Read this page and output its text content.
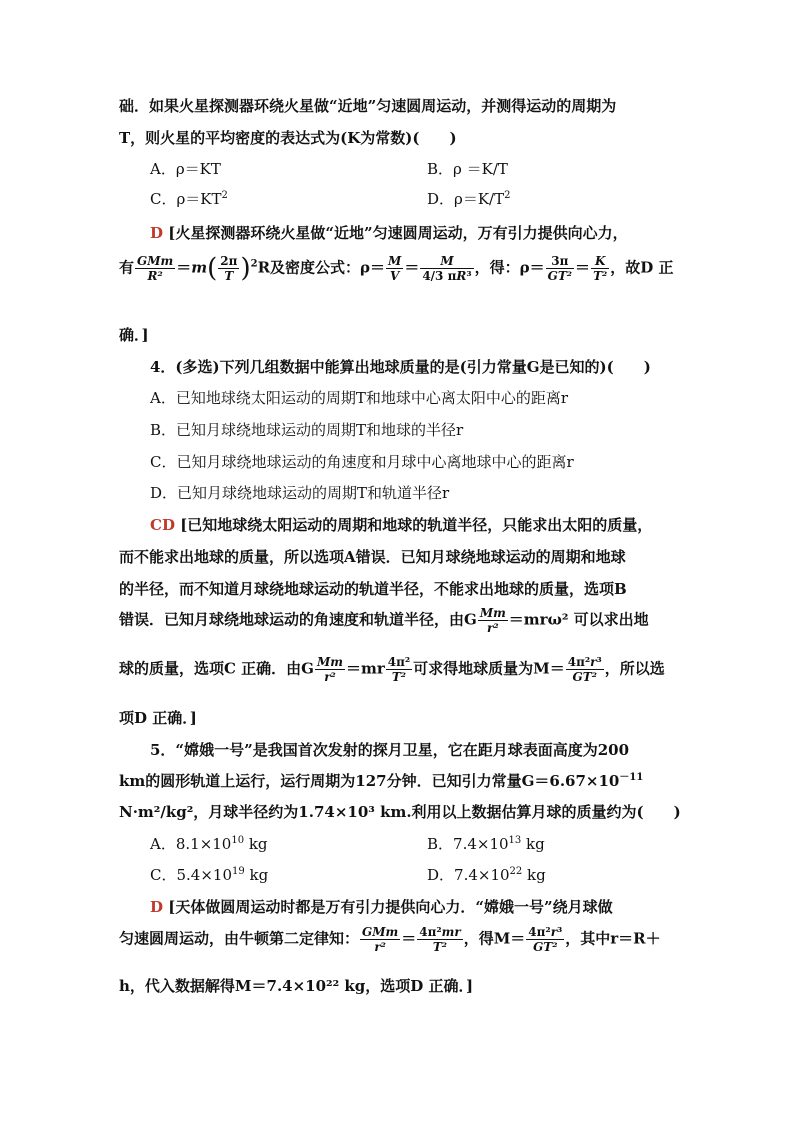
础．如果火星探测器环绕火星做“近地”匀速圆周运动，并测得运动的周期为
T，则火星的平均密度的表达式为(K为常数)(　　)
A．ρ＝KT	B．ρ ＝K/T
C．$\rho=KT^2$	D．$\rho=K/T^2$
D [火星探测器环绕火星做“近地”匀速圆周运动，万有引力提供向心力，
有 $\frac{\text{GMm}}{\text{R²}} =m( \frac{2\pi}{T} )^2R$及密度公式：$\rho= \frac{M}{V} = \frac{M}{\text{4/3 πR³}}$ ，得：$\rho= \frac{3\pi}{\text{GT²}} = \frac{K}{\text{T²}}$ ，故D 正
确．]
4．(多选)下列几组数据中能算出地球质量的是(引力常量G是已知的)(　　)
A．已知地球绕太阳运动的周期T和地球中心离太阳中心的距离r
B．已知月球绕地球运动的周期T和地球的半径r
C．已知月球绕地球运动的角速度和月球中心离地球中心的距离r
D．已知月球绕地球运动的周期T和轨道半径r
CD [已知地球绕太阳运动的周期和地球的轨道半径，只能求出太阳的质量，
而不能求出地球的质量，所以选项A错误．已知月球绕地球运动的周期和地球
的半径，而不知道月球绕地球运动的轨道半径，不能求出地球的质量，选项B
错误．已知月球绕地球运动的角速度和轨道半径，由G $\frac{Mm}{\text{r²}} =mr\omega^2$ 可以求出地
球的质量，选项C 正确．由G $\frac{Mm}{\text{r²}} =mr \frac{\text{4π²}}{\text{T²}}$ 可求得地球质量为$M= \frac{\text{4π²r³}}{\text{GT²}}$ ，所以选
项D 正确．]
5．“嫦娥一号”是我国首次发射的探月卫星，它在距月球表面高度为200
km的圆形轨道上运行，运行周期为127分钟．已知引力常量$G=6.67\times 10^{-11}$
N·m²/kg²，月球半径约为1.74×10³ km.利用以上数据估算月球的质量约为(　　)
A．$8.1\times 10^{10}$ kg	B．$7.4\times 10^{13}$ kg
C．$5.4\times 10^{19}$ kg	D．$7.4\times 10^{22}$ kg
D [天体做圆周运动时都是万有引力提供向心力．“嫦娥一号”绕月球做
匀速圆周运动，由牛顿第二定律知： $\frac{\text{GMm}}{\text{r²}} = \frac{\text{4π²mr}}{\text{T²}}$ ，得$M= \frac{\text{4π²r³}}{\text{GT²}}$ ，其中r＝R＋
h，代入数据解得M＝7.4×10²² kg，选项D 正确．]
